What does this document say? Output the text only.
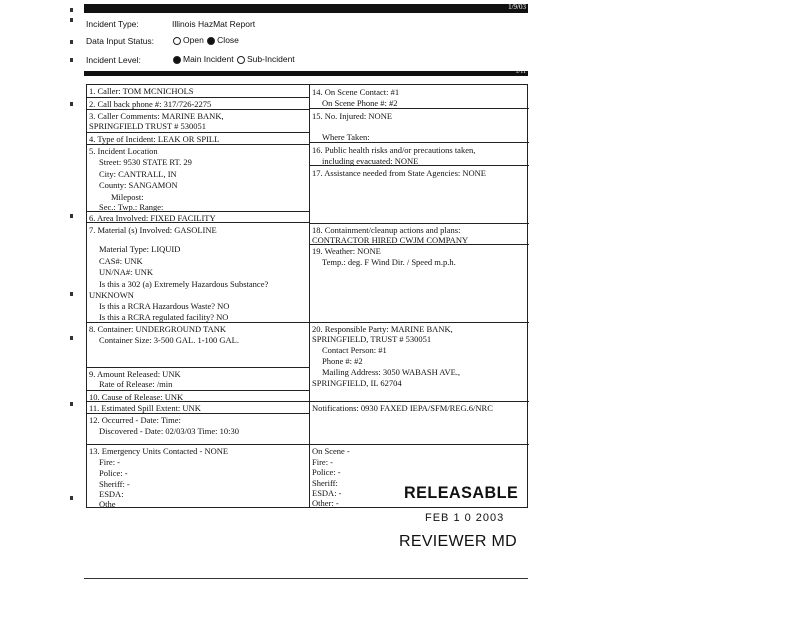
1/9/03
Incident Type:	Illinois HazMat Report
Data Input Status:	Open Close
Incident Level:	Main Incident Sub-Incident
1/11
1. Caller: TOM MCNICHOLS
2. Call back phone #: 317/726-2275
3. Caller Comments: MARINE BANK,
SPRINGFIELD TRUST # 530051
4. Type of Incident: LEAK OR SPILL
5. Incident Location
Street: 9530 STATE RT. 29
City: CANTRALL, IN
County: SANGAMON
Milepost:
Sec.: Twp.: Range:
6. Area Involved: FIXED FACILITY
7. Material (s) Involved: GASOLINE
Material Type: LIQUID
CAS#: UNK
UN/NA#: UNK
Is this a 302 (a) Extremely Hazardous Substance?
UNKNOWN
Is this a RCRA Hazardous Waste? NO
Is this a RCRA regulated facility? NO
8. Container: UNDERGROUND TANK
Container Size: 3-500 GAL. 1-100 GAL.
9. Amount Released: UNK
Rate of Release: /min
10. Cause of Release: UNK
11. Estimated Spill Extent: UNK
12. Occurred - Date: Time:
Discovered - Date: 02/03/03 Time: 10:30
13. Emergency Units Contacted - NONE
Fire: -
Police: -
Sheriff: -
ESDA:
Othe
14. On Scene Contact: #1
On Scene Phone #: #2
15. No. Injured: NONE
Where Taken:
16. Public health risks and/or precautions taken,
including evacuated: NONE
17. Assistance needed from State Agencies: NONE
18. Containment/cleanup actions and plans:
CONTRACTOR HIRED CWJM COMPANY
19. Weather: NONE
Temp.: deg. F Wind Dir. / Speed m.p.h.
20. Responsible Party: MARINE BANK,
SPRINGFIELD, TRUST # 530051
Contact Person: #1
Phone #: #2
Mailing Address: 3050 WABASH AVE.,
SPRINGFIELD, IL 62704
Notifications: 0930 FAXED IEPA/SFM/REG.6/NRC
On Scene -
Fire: -
Police: -
Sheriff:
ESDA: -
Other: -
RELEASABLE
FEB 1 0 2003
REVIEWER MD
